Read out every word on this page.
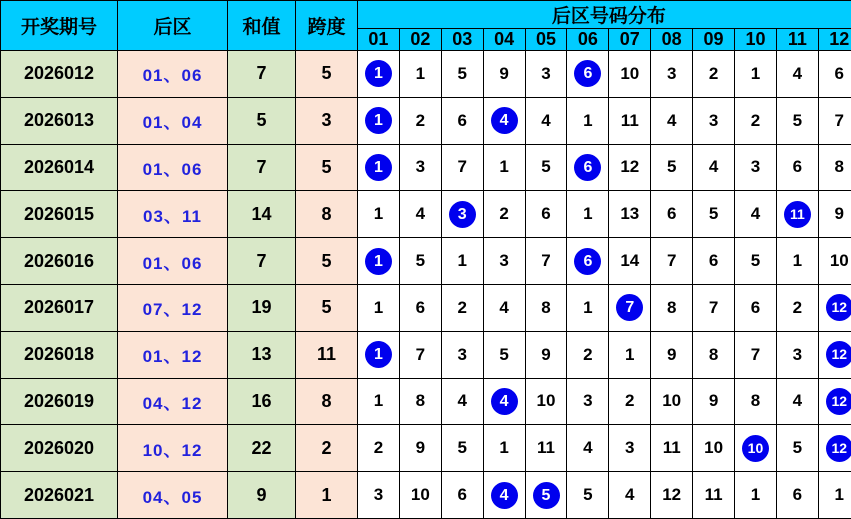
开奖期号	后区	和值	跨度	后区号码分布											
				01	02	03	04	05	06	07	08	09	10	11	12
2026012	01、06	7	5	1	1	5	9	3	6	10	3	2	1	4	6
2026013	01、04	5	3	1	2	6	4	4	1	11	4	3	2	5	7
2026014	01、06	7	5	1	3	7	1	5	6	12	5	4	3	6	8
2026015	03、11	14	8	1	4	3	2	6	1	13	6	5	4	11	9
2026016	01、06	7	5	1	5	1	3	7	6	14	7	6	5	1	10
2026017	07、12	19	5	1	6	2	4	8	1	7	8	7	6	2	12
2026018	01、12	13	11	1	7	3	5	9	2	1	9	8	7	3	12
2026019	04、12	16	8	1	8	4	4	10	3	2	10	9	8	4	12
2026020	10、12	22	2	2	9	5	1	11	4	3	11	10	10	5	12
2026021	04、05	9	1	3	10	6	4	5	5	4	12	11	1	6	1
